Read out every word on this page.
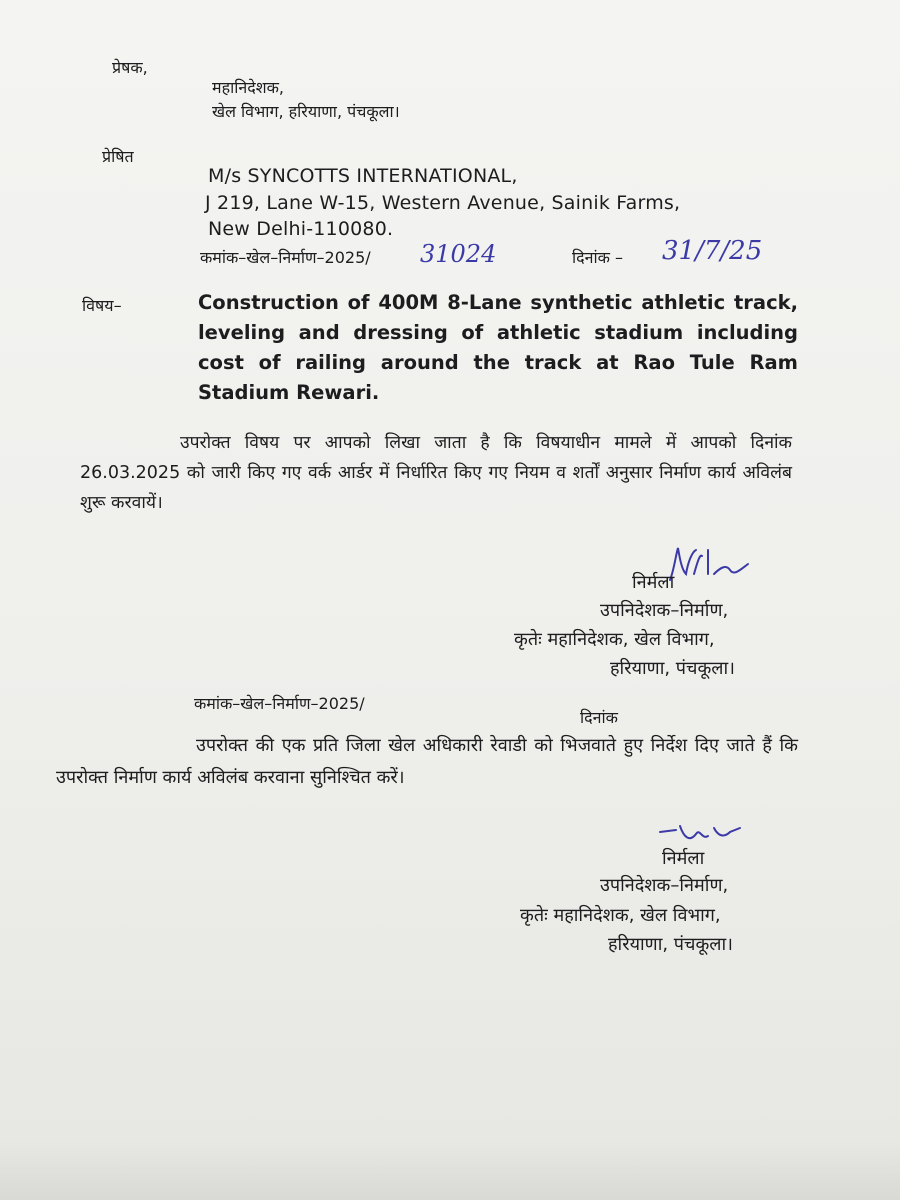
प्रेषक,
महानिदेशक,
खेल विभाग, हरियाणा, पंचकूला।
प्रेषित
M/s SYNCOTTS INTERNATIONAL,
J 219, Lane W-15, Western Avenue, Sainik Farms,
New Delhi-110080.
कमांक–खेल–निर्माण–2025/ 31024	दिनांक – 31/7/25
विषय–	Construction of 400M 8-Lane synthetic athletic track, leveling and dressing of athletic stadium including cost of railing around the track at Rao Tule Ram Stadium Rewari.
उपरोक्त विषय पर आपको लिखा जाता है कि विषयाधीन मामले में आपको दिनांक 26.03.2025 को जारी किए गए वर्क आर्डर में निर्धारित किए गए नियम व शर्तों अनुसार निर्माण कार्य अविलंब शुरू करवायें।
निर्मला
उपनिदेशक–निर्माण,
कृतेः महानिदेशक, खेल विभाग,
हरियाणा, पंचकूला।
कमांक–खेल–निर्माण–2025/
दिनांक
उपरोक्त की एक प्रति जिला खेल अधिकारी रेवाडी को भिजवाते हुए निर्देश दिए जाते हैं कि उपरोक्त निर्माण कार्य अविलंब करवाना सुनिश्चित करें।
निर्मला
उपनिदेशक–निर्माण,
कृतेः महानिदेशक, खेल विभाग,
हरियाणा, पंचकूला।
